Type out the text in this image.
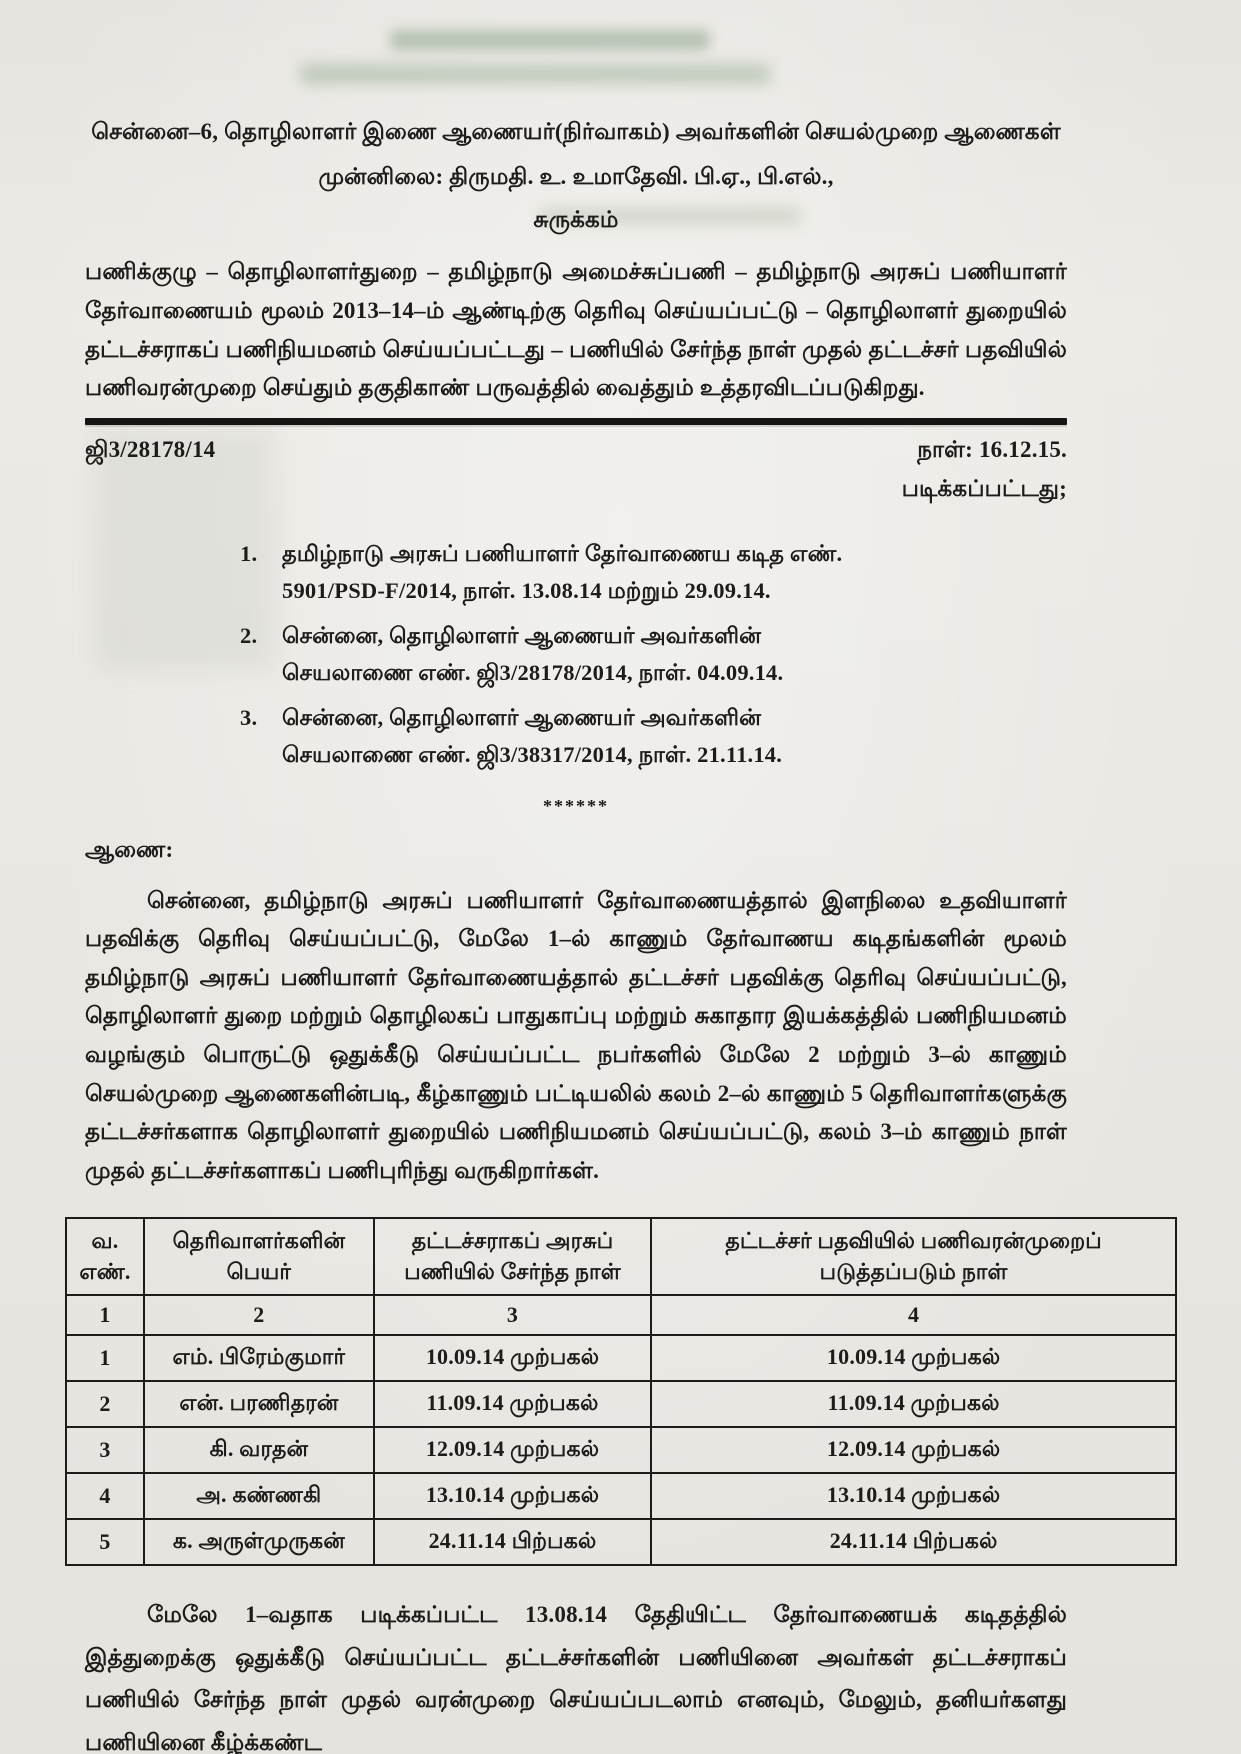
சென்னை–6, தொழிலாளர் இணை ஆணையர்(நிர்வாகம்) அவர்களின் செயல்முறை ஆணைகள்
முன்னிலை: திருமதி. உ. உமாதேவி. பி.ஏ., பி.எல்.,
சுருக்கம்
பணிக்குழு – தொழிலாளர்துறை – தமிழ்நாடு அமைச்சுப்பணி – தமிழ்நாடு அரசுப் பணியாளர் தேர்வாணையம் மூலம் 2013–14–ம் ஆண்டிற்கு தெரிவு செய்யப்பட்டு – தொழிலாளர் துறையில் தட்டச்சராகப் பணிநியமனம் செய்யப்பட்டது – பணியில் சேர்ந்த நாள் முதல் தட்டச்சர் பதவியில் பணிவரன்முறை செய்தும் தகுதிகாண் பருவத்தில் வைத்தும் உத்தரவிடப்படுகிறது.
ஜி3/28178/14	நாள்: 16.12.15.
படிக்கப்பட்டது;
1.	தமிழ்நாடு அரசுப் பணியாளர் தேர்வாணைய கடித எண். 5901/PSD-F/2014, நாள். 13.08.14 மற்றும் 29.09.14.
2.	சென்னை, தொழிலாளர் ஆணையர் அவர்களின் செயலாணை எண். ஜி3/28178/2014, நாள். 04.09.14.
3.	சென்னை, தொழிலாளர் ஆணையர் அவர்களின் செயலாணை எண். ஜி3/38317/2014, நாள். 21.11.14.
******
ஆணை:
சென்னை, தமிழ்நாடு அரசுப் பணியாளர் தேர்வாணையத்தால் இளநிலை உதவியாளர் பதவிக்கு தெரிவு செய்யப்பட்டு, மேலே 1–ல் காணும் தேர்வாணய கடிதங்களின் மூலம் தமிழ்நாடு அரசுப் பணியாளர் தேர்வாணையத்தால் தட்டச்சர் பதவிக்கு தெரிவு செய்யப்பட்டு, தொழிலாளர் துறை மற்றும் தொழிலகப் பாதுகாப்பு மற்றும் சுகாதார இயக்கத்தில் பணிநியமனம் வழங்கும் பொருட்டு ஒதுக்கீடு செய்யப்பட்ட நபர்களில் மேலே 2 மற்றும் 3–ல் காணும் செயல்முறை ஆணைகளின்படி, கீழ்காணும் பட்டியலில் கலம் 2–ல் காணும் 5 தெரிவாளர்களுக்கு தட்டச்சர்களாக தொழிலாளர் துறையில் பணிநியமனம் செய்யப்பட்டு, கலம் 3–ம் காணும் நாள் முதல் தட்டச்சர்களாகப் பணிபுரிந்து வருகிறார்கள்.
வ. எண்.	தெரிவாளர்களின் பெயர்	தட்டச்சராகப் அரசுப் பணியில் சேர்ந்த நாள்	தட்டச்சர் பதவியில் பணிவரன்முறைப் படுத்தப்படும் நாள்
1	2	3	4
1	எம். பிரேம்குமார்	10.09.14 முற்பகல்	10.09.14 முற்பகல்
2	என். பரணிதரன்	11.09.14 முற்பகல்	11.09.14 முற்பகல்
3	கி. வரதன்	12.09.14 முற்பகல்	12.09.14 முற்பகல்
4	அ. கண்ணகி	13.10.14 முற்பகல்	13.10.14 முற்பகல்
5	க. அருள்முருகன்	24.11.14 பிற்பகல்	24.11.14 பிற்பகல்
மேலே 1–வதாக படிக்கப்பட்ட 13.08.14 தேதியிட்ட தேர்வாணையக் கடிதத்தில் இத்துறைக்கு ஒதுக்கீடு செய்யப்பட்ட தட்டச்சர்களின் பணியினை அவர்கள் தட்டச்சராகப் பணியில் சேர்ந்த நாள் முதல் வரன்முறை செய்யப்படலாம் எனவும், மேலும், தனியர்களது பணியினை கீழ்க்கண்ட
